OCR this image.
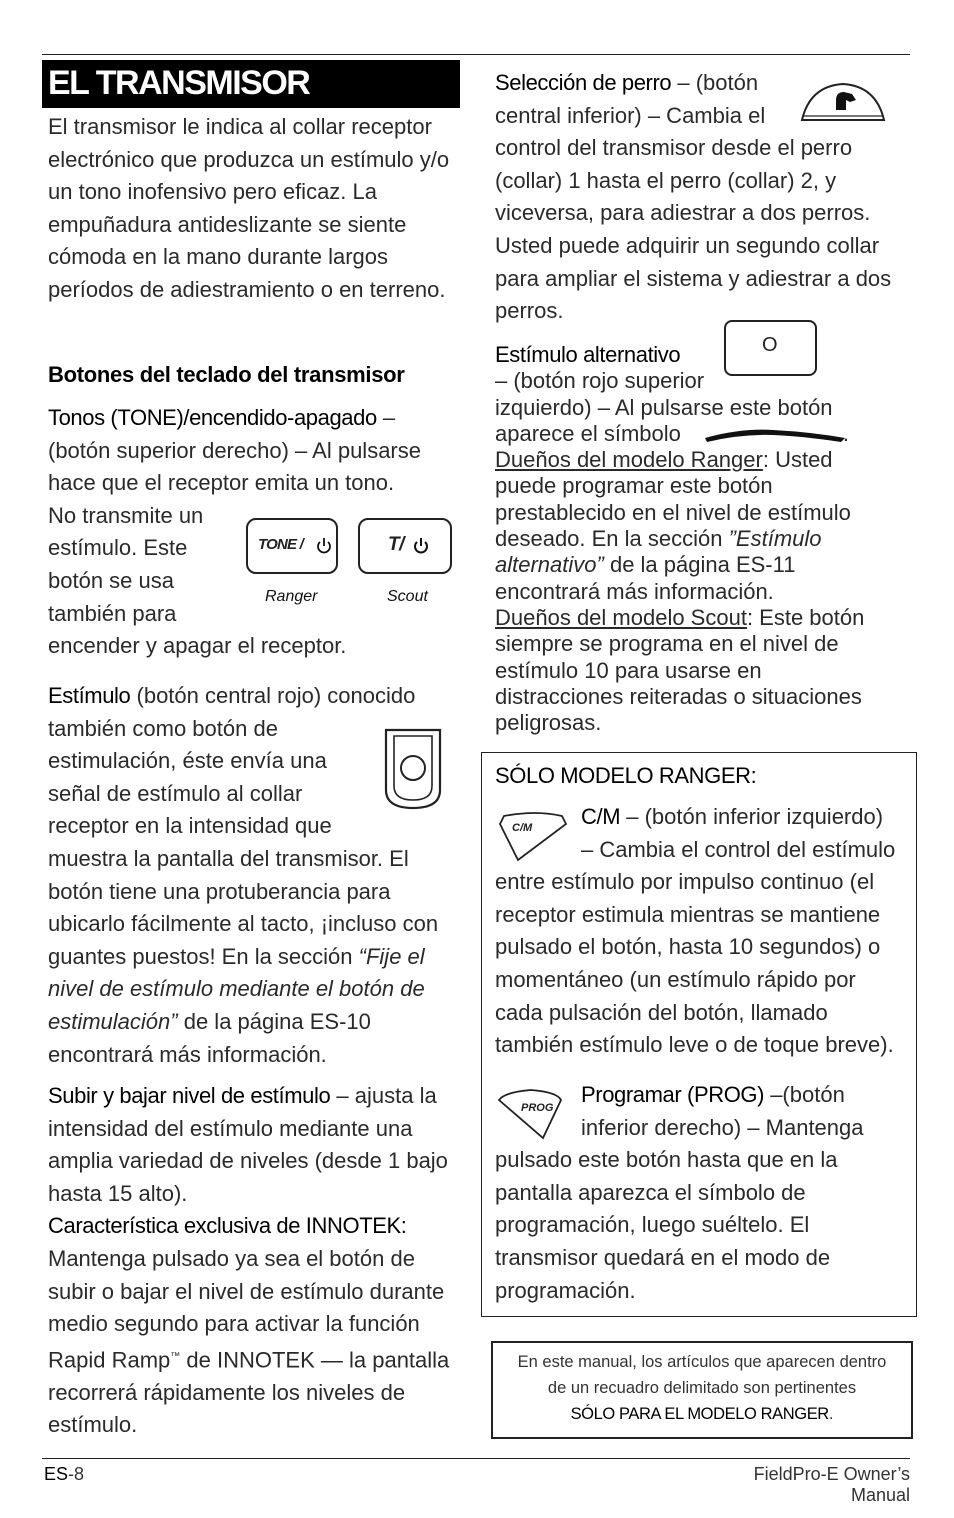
EL TRANSMISOR
El transmisor le indica al collar receptor electrónico que produzca un estímulo y/o un tono inofensivo pero eficaz. La empuñadura antideslizante se siente cómoda en la mano durante largos períodos de adiestramiento o en terreno.
Botones del teclado del transmisor
Tonos (TONE)/encendido-apagado –
(botón superior derecho) – Al pulsarse
hace que el receptor emita un tono.
No transmite un
estímulo. Este
botón se usa
también para
encender y apagar el receptor.
TONE /	T/
Ranger	Scout
Estímulo (botón central rojo) conocido
también como botón de
estimulación, éste envía una
señal de estímulo al collar
receptor en la intensidad que
muestra la pantalla del transmisor. El
botón tiene una protuberancia para
ubicarlo fácilmente al tacto, ¡incluso con
guantes puestos! En la sección “Fije el
nivel de estímulo mediante el botón de
estimulación” de la página ES-10
encontrará más información.
Subir y bajar nivel de estímulo – ajusta la
intensidad del estímulo mediante una
amplia variedad de niveles (desde 1 bajo
hasta 15 alto).
Característica exclusiva de INNOTEK:
Mantenga pulsado ya sea el botón de
subir o bajar el nivel de estímulo durante
medio segundo para activar la función
Rapid Ramp™ de INNOTEK — la pantalla
recorrerá rápidamente los niveles de
estímulo.
Selección de perro – (botón
central inferior) – Cambia el
control del transmisor desde el perro
(collar) 1 hasta el perro (collar) 2, y
viceversa, para adiestrar a dos perros.
Usted puede adquirir un segundo collar
para ampliar el sistema y adiestrar a dos
perros.
Estímulo alternativo
– (botón rojo superior
izquierdo) – Al pulsarse este botón
aparece el símbolo	.
Dueños del modelo Ranger: Usted
puede programar este botón
prestablecido en el nivel de estímulo
deseado. En la sección ”Estímulo
alternativo” de la página ES-11
encontrará más información.
Dueños del modelo Scout: Este botón
siempre se programa en el nivel de
estímulo 10 para usarse en
distracciones reiteradas o situaciones
peligrosas.
O
SÓLO MODELO RANGER:
C/M	C/M – (botón inferior izquierdo)
– Cambia el control del estímulo
entre estímulo por impulso continuo (el
receptor estimula mientras se mantiene
pulsado el botón, hasta 10 segundos) o
momentáneo (un estímulo rápido por
cada pulsación del botón, llamado
también estímulo leve o de toque breve).
PROG
Programar (PROG) –(botón
inferior derecho) – Mantenga
pulsado este botón hasta que en la
pantalla aparezca el símbolo de
programación, luego suéltelo. El
transmisor quedará en el modo de
programación.
En este manual, los artículos que aparecen dentro
de un recuadro delimitado son pertinentes
SÓLO PARA EL MODELO RANGER.
ES-8	FieldPro-E Owner’s Manual
